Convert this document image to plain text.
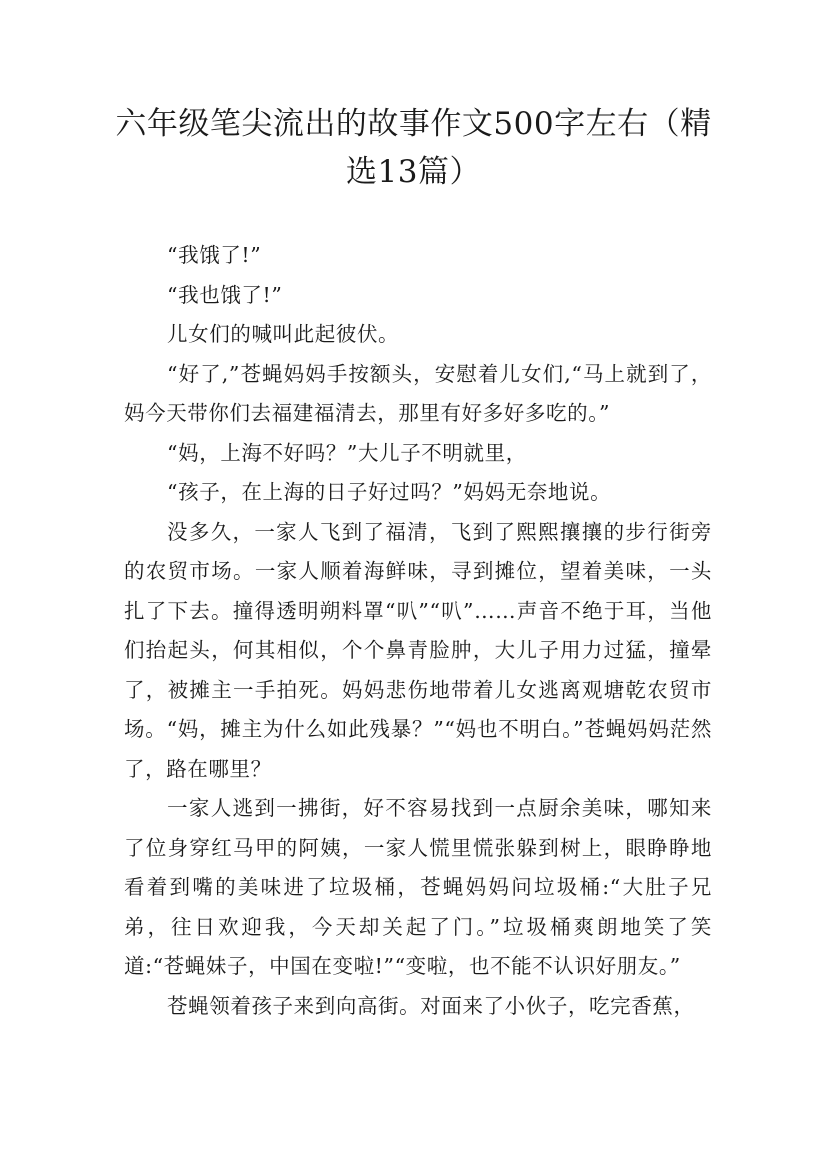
六年级笔尖流出的故事作文500字左右（精选13篇）

“我饿了!”

“我也饿了!”

儿女们的喊叫此起彼伏。

“好了,”苍蝇妈妈手按额头，安慰着儿女们,“马上就到了，妈今天带你们去福建福清去，那里有好多好多吃的。”

“妈，上海不好吗？”大儿子不明就里，

“孩子，在上海的日子好过吗？”妈妈无奈地说。

没多久，一家人飞到了福清，飞到了熙熙攘攘的步行街旁的农贸市场。一家人顺着海鲜味，寻到摊位，望着美味，一头扎了下去。撞得透明朔料罩“叭”“叭”……声音不绝于耳，当他们抬起头，何其相似，个个鼻青脸肿，大儿子用力过猛，撞晕了，被摊主一手拍死。妈妈悲伤地带着儿女逃离观塘乾农贸市场。“妈，摊主为什么如此残暴？”“妈也不明白。”苍蝇妈妈茫然了，路在哪里？

一家人逃到一拂街，好不容易找到一点厨余美味，哪知来了位身穿红马甲的阿姨，一家人慌里慌张躲到树上，眼睁睁地看着到嘴的美味进了垃圾桶，苍蝇妈妈问垃圾桶:“大肚子兄弟，往日欢迎我，今天却关起了门。”垃圾桶爽朗地笑了笑道:“苍蝇妹子，中国在变啦!”“变啦，也不能不认识好朋友。”

苍蝇领着孩子来到向高街。对面来了小伙子，吃完香蕉，
